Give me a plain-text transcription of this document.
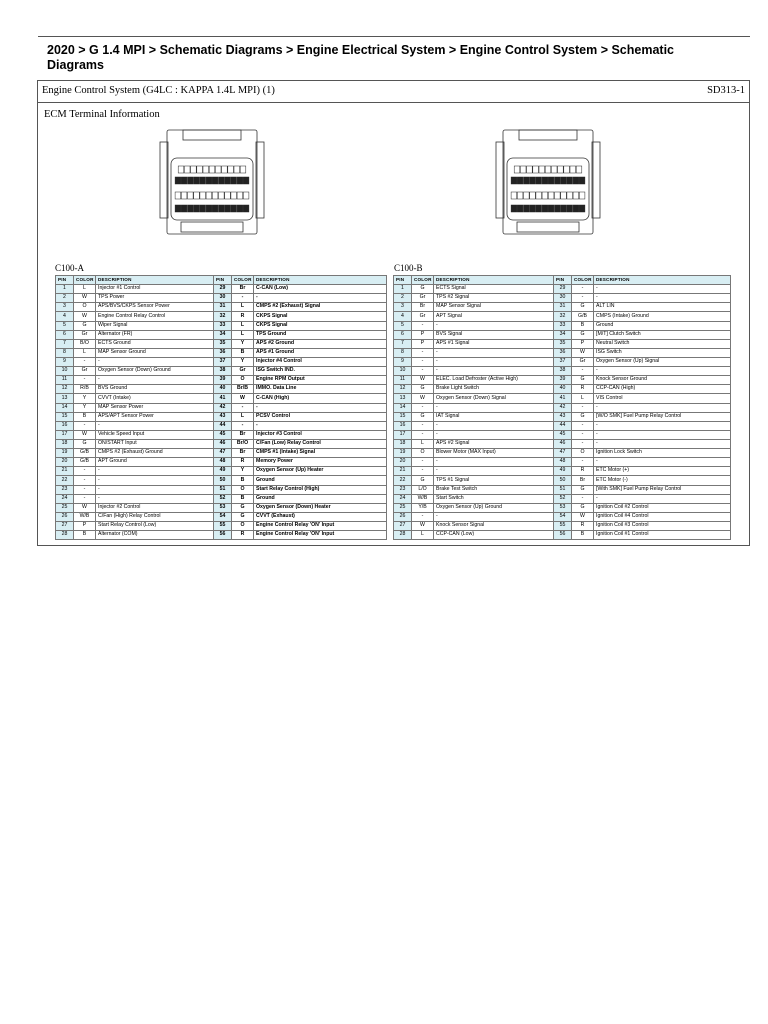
2020 > G 1.4 MPI > Schematic Diagrams > Engine Electrical System > Engine Control System > Schematic Diagrams
Engine Control System (G4LC : KAPPA 1.4L MPI) (1)	SD313-1
ECM Terminal Information
C100-A	C100-B
PIN	COLOR	DESCRIPTION	PIN	COLOR	DESCRIPTION
1	L	Injector #1 Control	29	Br	C-CAN (Low)
2	W	TPS Power	30	-	-
3	O	APS/BVS/CKPS Sensor Power	31	L	CMPS #2 (Exhaust) Signal
4	W	Engine Control Relay Control	32	R	CKPS Signal
5	G	Wiper Signal	33	L	CKPS Signal
6	Gr	Alternator (FR)	34	L	TPS Ground
7	B/O	ECTS Ground	35	Y	APS #2 Ground
8	L	MAP Sensor Ground	36	B	APS #1 Ground
9	-	-	37	Y	Injector #4 Control
10	Gr	Oxygen Sensor (Down) Ground	38	Gr	ISG Switch IND.
11	-	-	39	O	Engine RPM Output
12	R/B	BVS Ground	40	Br/B	IMMO. Data Line
13	Y	CVVT (Intake)	41	W	C-CAN (High)
14	Y	MAP Sensor Power	42	-	-
15	B	APS/APT Sensor Power	43	L	PCSV Control
16	-	-	44	-	-
17	W	Vehicle Speed Input	45	Br	Injector #3 Control
18	G	ON/START Input	46	Br/O	C/Fan (Low) Relay Control
19	G/B	CMPS #2 (Exhaust) Ground	47	Br	CMPS #1 (Intake) Signal
20	G/B	APT Ground	48	R	Memory Power
21	-	-	49	Y	Oxygen Sensor (Up) Heater
22	-	-	50	B	Ground
23	-	-	51	O	Start Relay Control (High)
24	-	-	52	B	Ground
25	W	Injector #2 Control	53	G	Oxygen Sensor (Down) Heater
26	W/B	C/Fan (High) Relay Control	54	G	CVVT (Exhaust)
27	P	Start Relay Control (Low)	55	O	Engine Control Relay 'ON' Input
28	B	Alternator (COM)	56	R	Engine Control Relay 'ON' Input
PIN	COLOR	DESCRIPTION	PIN	COLOR	DESCRIPTION
1	G	ECTS Signal	29	-	-
2	Gr	TPS #2 Signal	30	-	-
3	Br	MAP Sensor Signal	31	G	ALT LIN
4	Gr	APT Signal	32	G/B	CMPS (Intake) Ground
5	-	-	33	B	Ground
6	P	BVS Signal	34	G	[M/T] Clutch Switch
7	P	APS #1 Signal	35	P	Neutral Switch
8	-	-	36	W	ISG Switch
9	-	-	37	Gr	Oxygen Sensor (Up) Signal
10	-	-	38	-	-
11	W	ELEC. Load Defroster (Active High)	39	G	Knock Sensor Ground
12	G	Brake Light Switch	40	R	CCP-CAN (High)
13	W	Oxygen Sensor (Down) Signal	41	L	VIS Control
14	-	-	42	-	-
15	G	IAT Signal	43	G	[W/O SMK] Fuel Pump Relay Control
16	-	-	44	-	-
17	-	-	45	-	-
18	L	APS #2 Signal	46	-	-
19	O	Blower Motor (MAX Input)	47	O	Ignition Lock Switch
20	-	-	48	-	-
21	-	-	49	R	ETC Motor (+)
22	G	TPS #1 Signal	50	Br	ETC Motor (-)
23	L/O	Brake Test Switch	51	G	[With SMK] Fuel Pump Relay Control
24	W/B	Start Switch	52	-	-
25	Y/B	Oxygen Sensor (Up) Ground	53	G	Ignition Coil #2 Control
26	-	-	54	W	Ignition Coil #4 Control
27	W	Knock Sensor Signal	55	R	Ignition Coil #3 Control
28	L	CCP-CAN (Low)	56	B	Ignition Coil #1 Control
